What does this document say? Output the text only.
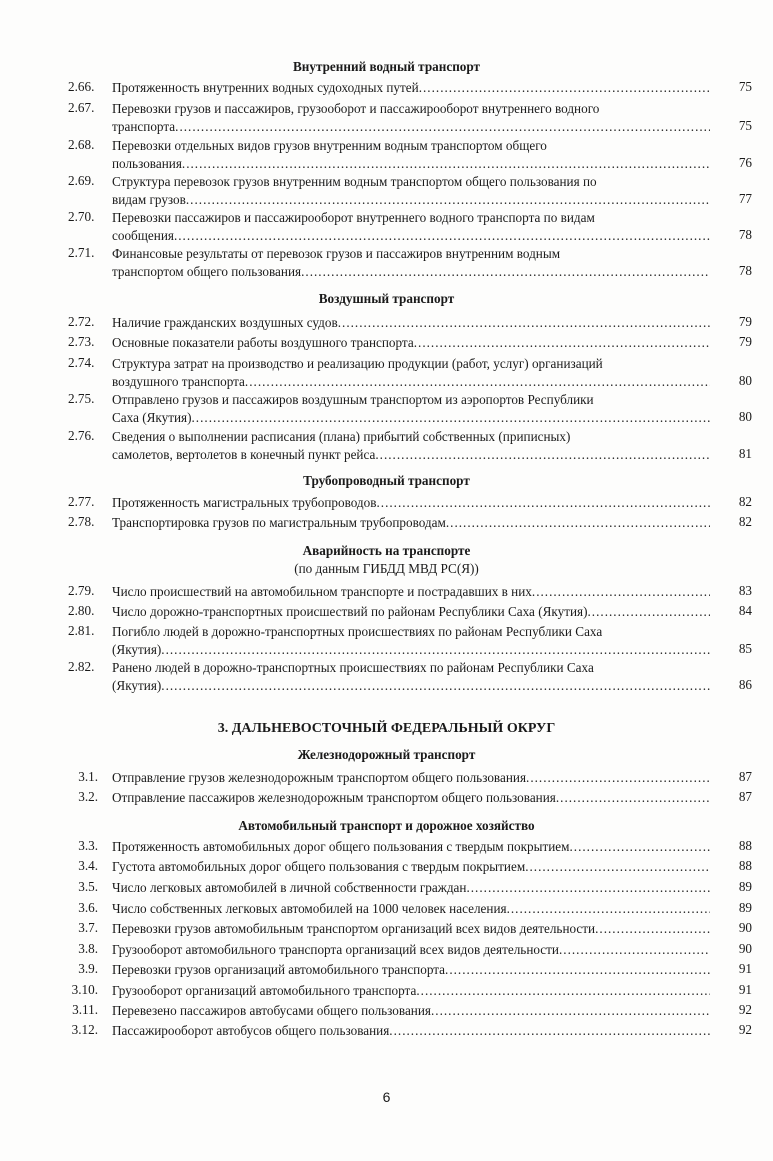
Внутренний водный транспорт
2.66.	Протяженность внутренних водных судоходных путей .....	75
2.67.	Перевозки грузов и пассажиров, грузооборот и пассажирооборот внутреннего водного
транспорта .....	75
2.68.	Перевозки отдельных видов грузов внутренним водным транспортом общего
пользования .....	76
2.69.	Структура перевозок грузов внутренним водным транспортом общего пользования по
видам грузов .....	77
2.70.	Перевозки пассажиров и пассажирооборот внутреннего водного транспорта по видам
сообщения .....	78
2.71.	Финансовые результаты от перевозок грузов и пассажиров внутренним водным
транспортом общего пользования .....	78
Воздушный транспорт
2.72.	Наличие гражданских воздушных судов .....	79
2.73.	Основные показатели работы воздушного транспорта .....	79
2.74.	Структура затрат на производство и реализацию продукции (работ, услуг) организаций
воздушного транспорта .....	80
2.75.	Отправлено грузов и пассажиров воздушным транспортом из аэропортов Республики
Саха (Якутия) .....	80
2.76.	Сведения о выполнении расписания (плана) прибытий собственных (приписных)
самолетов, вертолетов в конечный пункт рейса .....	81
Трубопроводный транспорт
2.77.	Протяженность магистральных трубопроводов .....	82
2.78.	Транспортировка грузов по магистральным трубопроводам .....	82
Аварийность на транспорте
(по данным ГИБДД МВД РС(Я))
2.79.	Число происшествий на автомобильном транспорте и пострадавших в них .....	83
2.80.	Число дорожно-транспортных происшествий по районам Республики Саха (Якутия) .....	84
2.81.	Погибло людей в дорожно-транспортных происшествиях по районам Республики Саха
(Якутия) .....	85
2.82.	Ранено людей в дорожно-транспортных происшествиях по районам Республики Саха
(Якутия) .....	86
3. ДАЛЬНЕВОСТОЧНЫЙ ФЕДЕРАЛЬНЫЙ ОКРУГ
Железнодорожный транспорт
3.1. Отправление грузов железнодорожным транспортом общего пользования .....	87
3.2. Отправление пассажиров железнодорожным транспортом общего пользования .....	87
Автомобильный транспорт и дорожное хозяйство
3.3. Протяженность автомобильных дорог общего пользования с твердым покрытием .....	88
3.4. Густота автомобильных дорог общего пользования с твердым покрытием .....	88
3.5. Число легковых автомобилей в личной собственности граждан .....	89
3.6. Число собственных легковых автомобилей на 1000 человек населения .....	89
3.7. Перевозки грузов автомобильным транспортом организаций всех видов деятельности .....	90
3.8. Грузооборот автомобильного транспорта организаций всех видов деятельности .....	90
3.9. Перевозки грузов организаций автомобильного транспорта .....	91
3.10. Грузооборот организаций автомобильного транспорта .....	91
3.11. Перевезено пассажиров автобусами общего пользования .....	92
3.12. Пассажирооборот автобусов общего пользования .....	92
6
